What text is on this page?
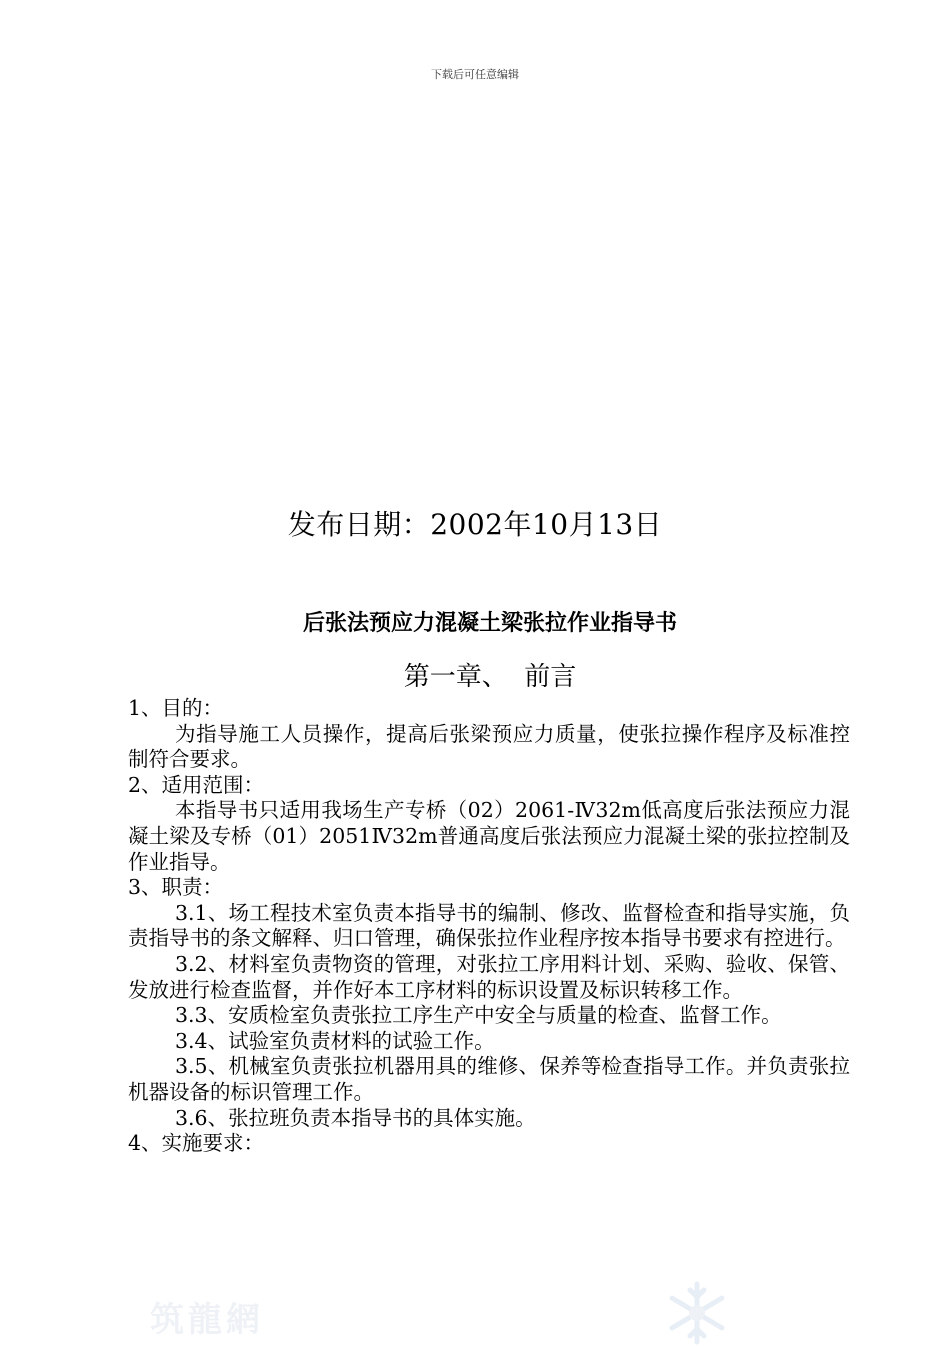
下载后可任意编辑
发布日期：2002年10月13日
后张法预应力混凝土梁张拉作业指导书
第一章、  前言

1、目的：

为指导施工人员操作，提高后张梁预应力质量，使张拉操作程序及标准控制符合要求。

2、适用范围：

本指导书只适用我场生产专桥（02）2061-Ⅳ32m低高度后张法预应力混凝土梁及专桥（01）2051Ⅳ32m普通高度后张法预应力混凝土梁的张拉控制及作业指导。

3、职责：

3.1、场工程技术室负责本指导书的编制、修改、监督检查和指导实施，负责指导书的条文解释、归口管理，确保张拉作业程序按本指导书要求有控进行。

3.2、材料室负责物资的管理，对张拉工序用料计划、采购、验收、保管、发放进行检查监督，并作好本工序材料的标识设置及标识转移工作。

3.3、安质检室负责张拉工序生产中安全与质量的检查、监督工作。

3.4、试验室负责材料的试验工作。

3.5、机械室负责张拉机器用具的维修、保养等检查指导工作。并负责张拉机器设备的标识管理工作。

3.6、张拉班负责本指导书的具体实施。

4、实施要求：

筑龍網
